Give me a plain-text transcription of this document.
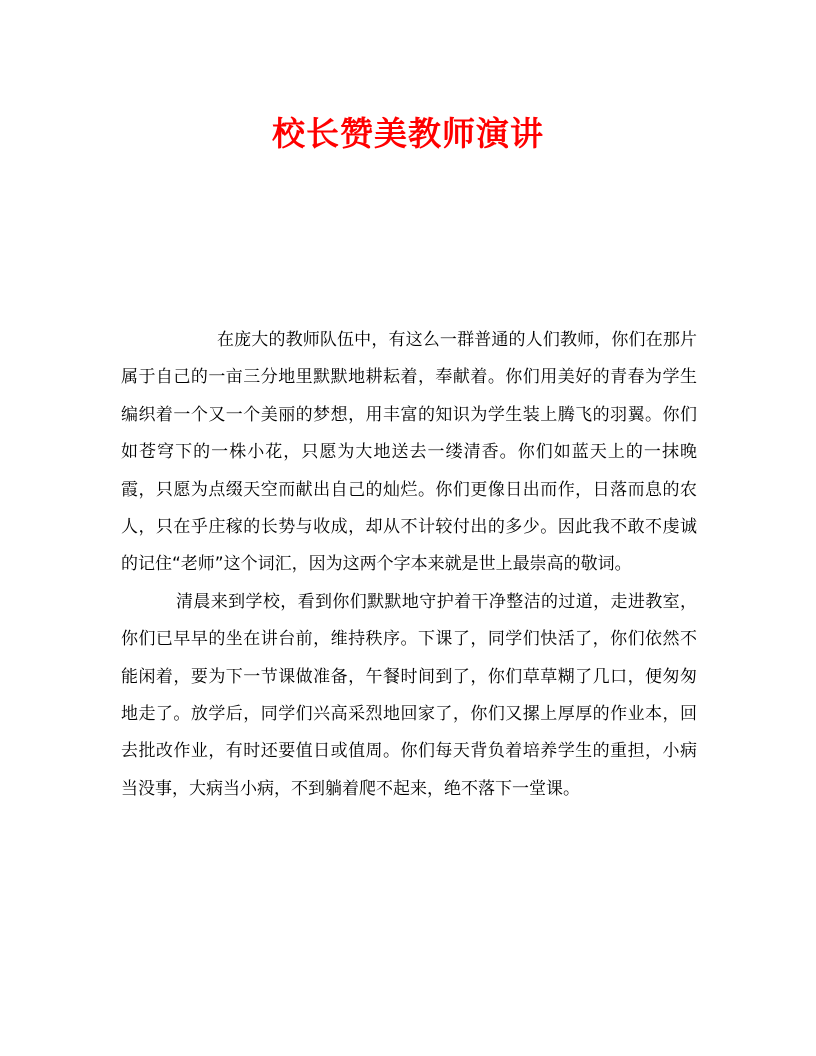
校长赞美教师演讲

在庞大的教师队伍中，有这么一群普通的人们教师，你们在那片属于自己的一亩三分地里默默地耕耘着，奉献着。你们用美好的青春为学生编织着一个又一个美丽的梦想，用丰富的知识为学生装上腾飞的羽翼。你们如苍穹下的一株小花，只愿为大地送去一缕清香。你们如蓝天上的一抹晚霞，只愿为点缀天空而献出自己的灿烂。你们更像日出而作，日落而息的农人，只在乎庄稼的长势与收成，却从不计较付出的多少。因此我不敢不虔诚的记住“老师”这个词汇，因为这两个字本来就是世上最崇高的敬词。

清晨来到学校，看到你们默默地守护着干净整洁的过道，走进教室，你们已早早的坐在讲台前，维持秩序。下课了，同学们快活了，你们依然不能闲着，要为下一节课做准备，午餐时间到了，你们草草糊了几口，便匆匆地走了。放学后，同学们兴高采烈地回家了，你们又摞上厚厚的作业本，回去批改作业，有时还要值日或值周。你们每天背负着培养学生的重担，小病当没事，大病当小病，不到躺着爬不起来，绝不落下一堂课。
